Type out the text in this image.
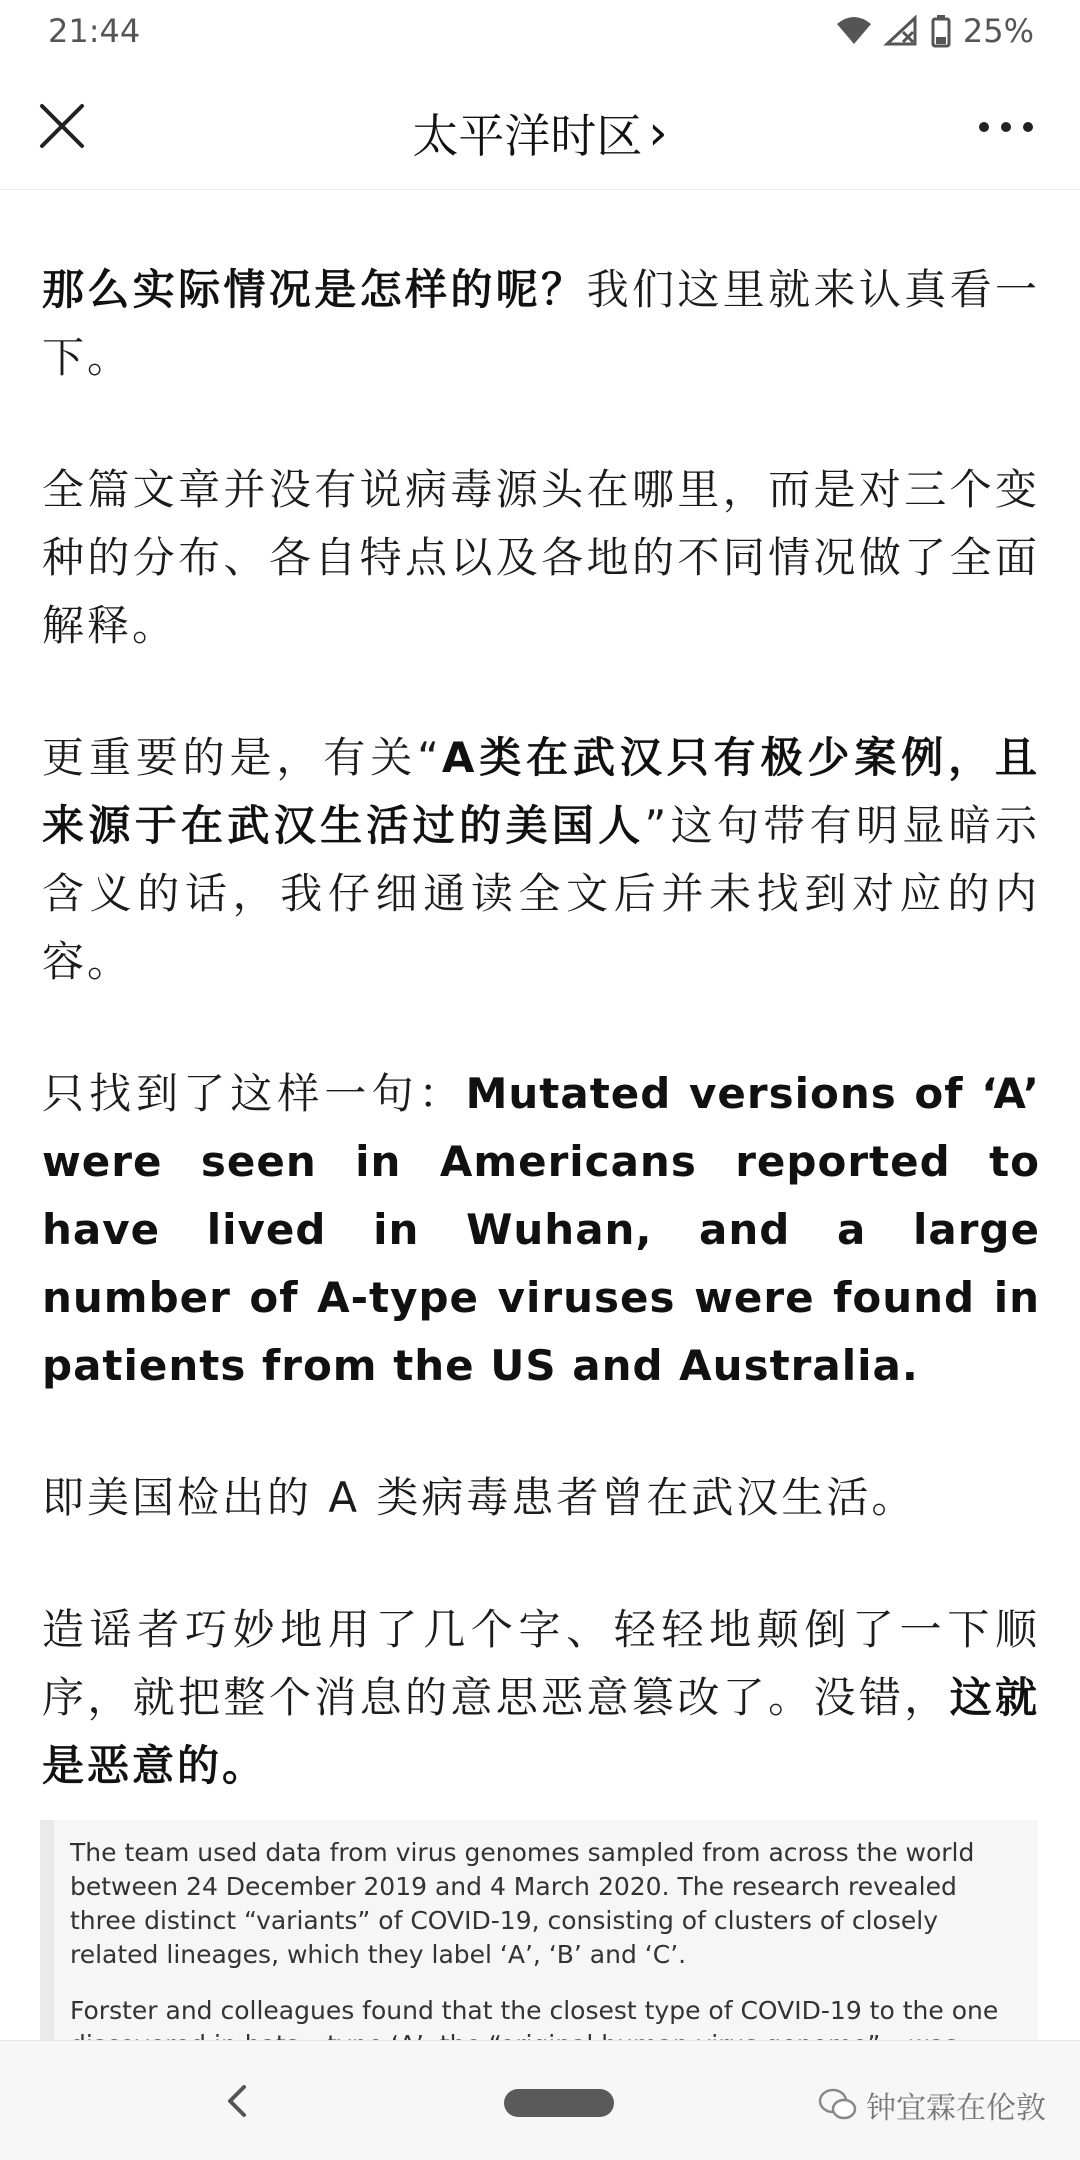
21:44	25%
太平洋时区 ›

那么实际情况是怎样的呢？我们这里就来认真看一下。

全篇文章并没有说病毒源头在哪里，而是对三个变种的分布、各自特点以及各地的不同情况做了全面解释。

更重要的是，有关“A类在武汉只有极少案例，且来源于在武汉生活过的美国人”这句带有明显暗示含义的话，我仔细通读全文后并未找到对应的内容。

只找到了这样一句：Mutated versions of ‘A’ were seen in Americans reported to have lived in Wuhan, and a large number of A-type viruses were found in patients from the US and Australia.

即美国检出的 A 类病毒患者曾在武汉生活。

造谣者巧妙地用了几个字、轻轻地颠倒了一下顺序，就把整个消息的意思恶意篡改了。没错，这就是恶意的。

The team used data from virus genomes sampled from across the world between 24 December 2019 and 4 March 2020. The research revealed three distinct “variants” of COVID-19, consisting of clusters of closely related lineages, which they label ‘A’, ‘B’ and ‘C’.

Forster and colleagues found that the closest type of COVID-19 to the one

钟宜霖在伦敦
